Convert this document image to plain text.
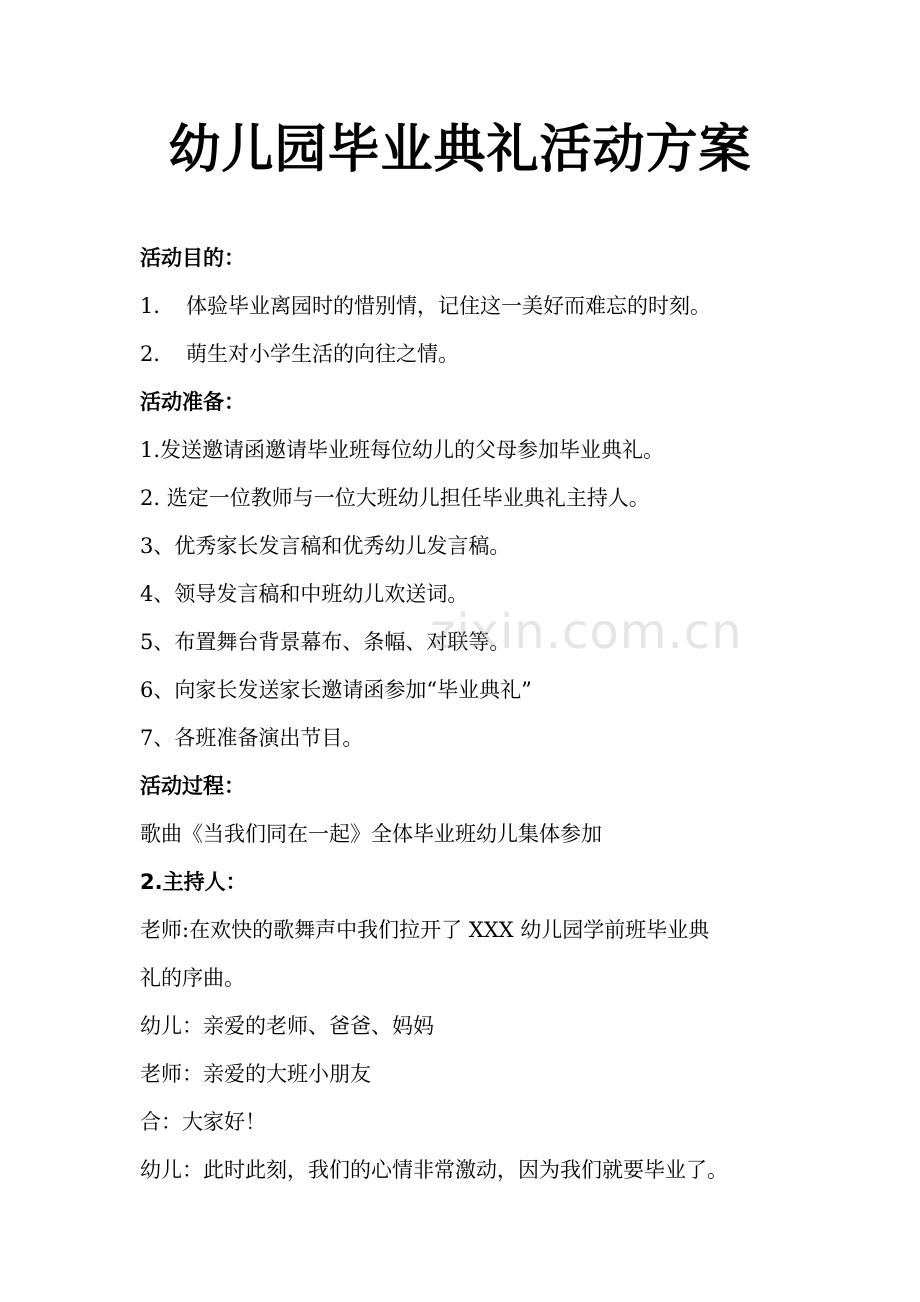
幼儿园毕业典礼活动方案
活动目的：
1． 体验毕业离园时的惜别情，记住这一美好而难忘的时刻。
2． 萌生对小学生活的向往之情。
活动准备：
1.发送邀请函邀请毕业班每位幼儿的父母参加毕业典礼。
2. 选定一位教师与一位大班幼儿担任毕业典礼主持人。
3、优秀家长发言稿和优秀幼儿发言稿。
4、领导发言稿和中班幼儿欢送词。
5、布置舞台背景幕布、条幅、对联等。
6、向家长发送家长邀请函参加“毕业典礼”
7、各班准备演出节目。
活动过程：
歌曲《当我们同在一起》全体毕业班幼儿集体参加
2.主持人：
老师:在欢快的歌舞声中我们拉开了 XXX 幼儿园学前班毕业典
礼的序曲。
幼儿：亲爱的老师、爸爸、妈妈
老师：亲爱的大班小朋友
合：大家好！
幼儿：此时此刻，我们的心情非常激动，因为我们就要毕业了。
zixin.com.cn
